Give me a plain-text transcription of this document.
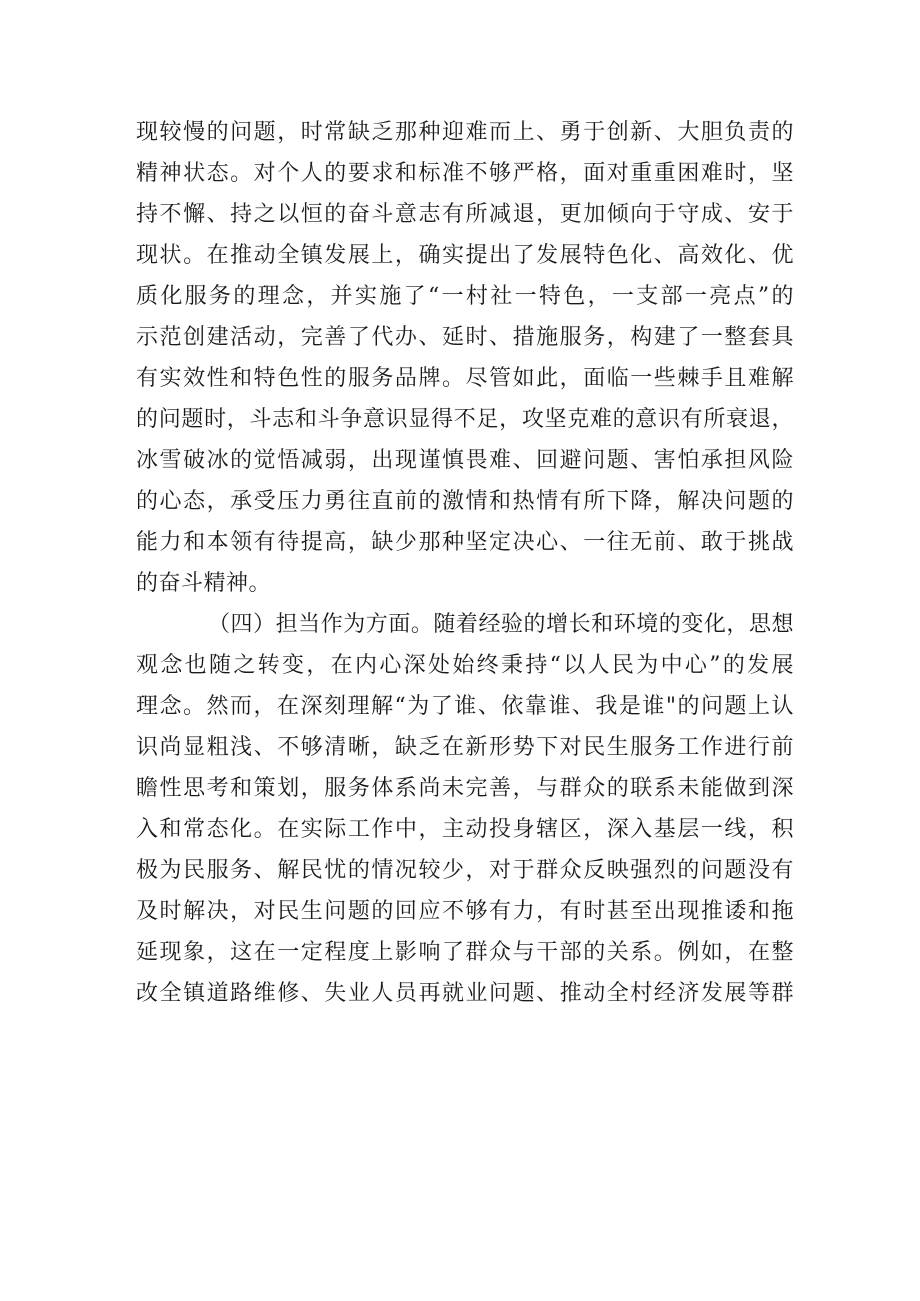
现较慢的问题，时常缺乏那种迎难而上、勇于创新、大胆负责的
精神状态。对个人的要求和标准不够严格，面对重重困难时，坚
持不懈、持之以恒的奋斗意志有所减退，更加倾向于守成、安于
现状。在推动全镇发展上，确实提出了发展特色化、高效化、优
质化服务的理念，并实施了“一村社一特色，一支部一亮点”的
示范创建活动，完善了代办、延时、措施服务，构建了一整套具
有实效性和特色性的服务品牌。尽管如此，面临一些棘手且难解
的问题时，斗志和斗争意识显得不足，攻坚克难的意识有所衰退，
冰雪破冰的觉悟减弱，出现谨慎畏难、回避问题、害怕承担风险
的心态，承受压力勇往直前的激情和热情有所下降，解决问题的
能力和本领有待提高，缺少那种坚定决心、一往无前、敢于挑战
的奋斗精神。
（四）担当作为方面。随着经验的增长和环境的变化，思想
观念也随之转变，在内心深处始终秉持“以人民为中心”的发展
理念。然而，在深刻理解“为了谁、依靠谁、我是谁"的问题上认
识尚显粗浅、不够清晰，缺乏在新形势下对民生服务工作进行前
瞻性思考和策划，服务体系尚未完善，与群众的联系未能做到深
入和常态化。在实际工作中，主动投身辖区，深入基层一线，积
极为民服务、解民忧的情况较少，对于群众反映强烈的问题没有
及时解决，对民生问题的回应不够有力，有时甚至出现推诿和拖
延现象，这在一定程度上影响了群众与干部的关系。例如，在整
改全镇道路维修、失业人员再就业问题、推动全村经济发展等群
